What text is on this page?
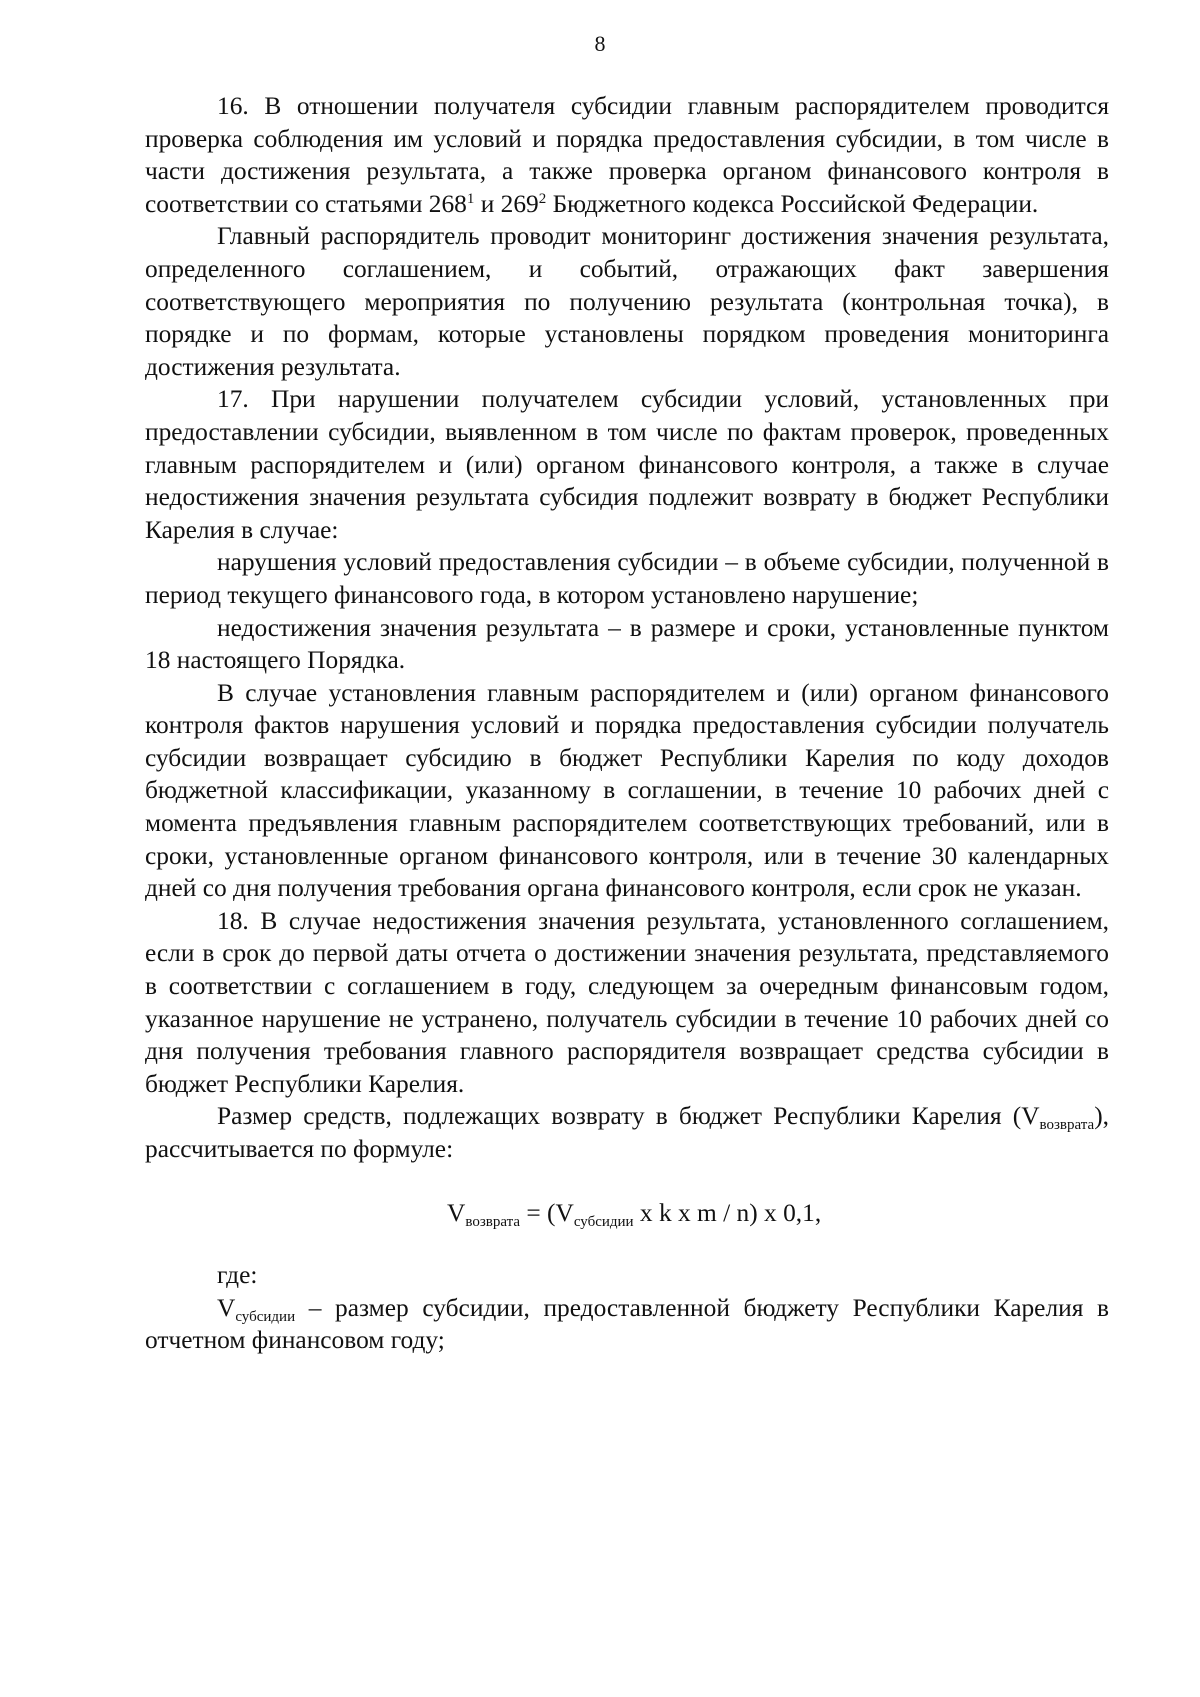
8

16. В отношении получателя субсидии главным распорядителем проводится проверка соблюдения им условий и порядка предоставления субсидии, в том числе в части достижения результата, а также проверка органом финансового контроля в соответствии со статьями $268^1$ и $269^2$ Бюджетного кодекса Российской Федерации.

Главный распорядитель проводит мониторинг достижения значения результата, определенного соглашением, и событий, отражающих факт завершения соответствующего мероприятия по получению результата (контрольная точка), в порядке и по формам, которые установлены порядком проведения мониторинга достижения результата.

17. При нарушении получателем субсидии условий, установленных при предоставлении субсидии, выявленном в том числе по фактам проверок, проведенных главным распорядителем и (или) органом финансового контроля, а также в случае недостижения значения результата субсидия подлежит возврату в бюджет Республики Карелия в случае:

нарушения условий предоставления субсидии – в объеме субсидии, полученной в период текущего финансового года, в котором установлено нарушение;

недостижения значения результата – в размере и сроки, установленные пунктом 18 настоящего Порядка.

В случае установления главным распорядителем и (или) органом финансового контроля фактов нарушения условий и порядка предоставления субсидии получатель субсидии возвращает субсидию в бюджет Республики Карелия по коду доходов бюджетной классификации, указанному в соглашении, в течение 10 рабочих дней с момента предъявления главным распорядителем соответствующих требований, или в сроки, установленные органом финансового контроля, или в течение 30 календарных дней со дня получения требования органа финансового контроля, если срок не указан.

18. В случае недостижения значения результата, установленного соглашением, если в срок до первой даты отчета о достижении значения результата, представляемого в соответствии с соглашением в году, следующем за очередным финансовым годом, указанное нарушение не устранено, получатель субсидии в течение 10 рабочих дней со дня получения требования главного распорядителя возвращает средства субсидии в бюджет Республики Карелия.

Размер средств, подлежащих возврату в бюджет Республики Карелия $(V_{возврата})$, рассчитывается по формуле:

$V_{возврата} = (V_{субсидии}$ x k x m / n) x 0,1,

где:

$V_{субсидии}$ – размер субсидии, предоставленной бюджету Республики Карелия в отчетном финансовом году;
